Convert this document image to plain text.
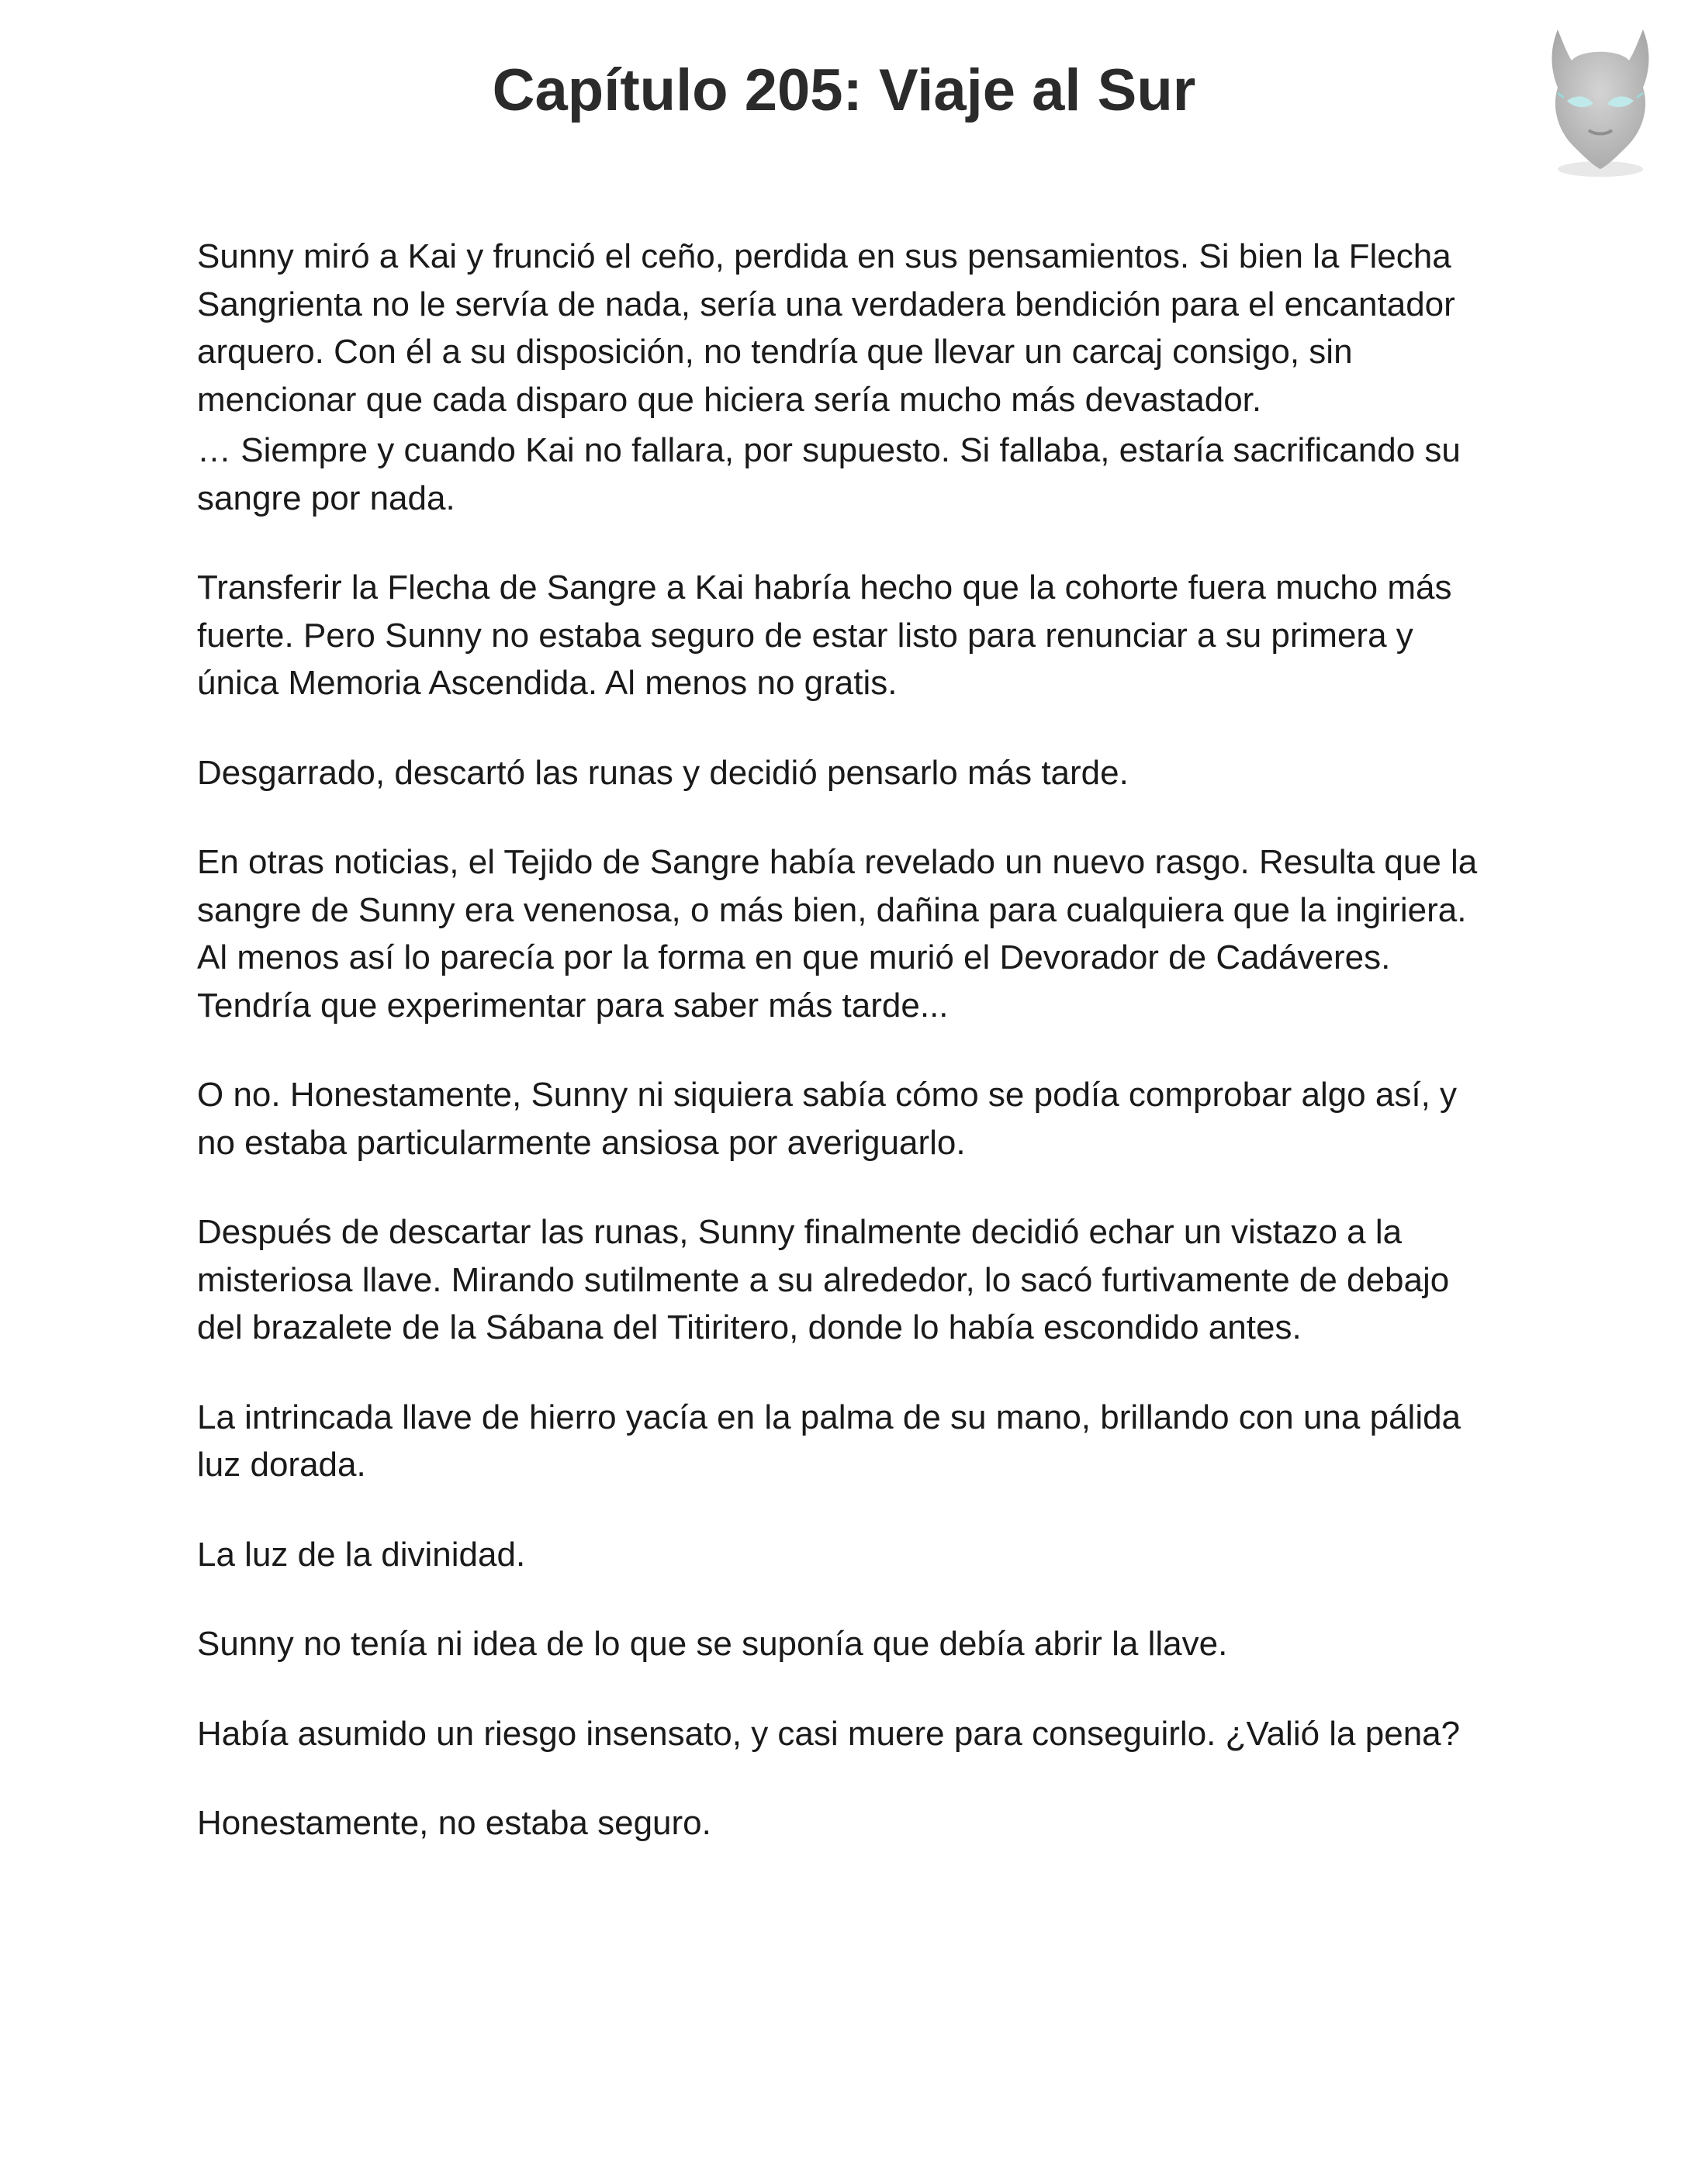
Capítulo 205: Viaje al Sur

Sunny miró a Kai y frunció el ceño, perdida en sus pensamientos. Si bien la Flecha Sangrienta no le servía de nada, sería una verdadera bendición para el encantador arquero. Con él a su disposición, no tendría que llevar un carcaj consigo, sin mencionar que cada disparo que hiciera sería mucho más devastador.

… Siempre y cuando Kai no fallara, por supuesto. Si fallaba, estaría sacrificando su sangre por nada.

Transferir la Flecha de Sangre a Kai habría hecho que la cohorte fuera mucho más fuerte. Pero Sunny no estaba seguro de estar listo para renunciar a su primera y única Memoria Ascendida. Al menos no gratis.

Desgarrado, descartó las runas y decidió pensarlo más tarde.

En otras noticias, el Tejido de Sangre había revelado un nuevo rasgo. Resulta que la sangre de Sunny era venenosa, o más bien, dañina para cualquiera que la ingiriera. Al menos así lo parecía por la forma en que murió el Devorador de Cadáveres. Tendría que experimentar para saber más tarde...

O no. Honestamente, Sunny ni siquiera sabía cómo se podía comprobar algo así, y no estaba particularmente ansiosa por averiguarlo.

Después de descartar las runas, Sunny finalmente decidió echar un vistazo a la misteriosa llave. Mirando sutilmente a su alrededor, lo sacó furtivamente de debajo del brazalete de la Sábana del Titiritero, donde lo había escondido antes.

La intrincada llave de hierro yacía en la palma de su mano, brillando con una pálida luz dorada.

La luz de la divinidad.

Sunny no tenía ni idea de lo que se suponía que debía abrir la llave.

Había asumido un riesgo insensato, y casi muere para conseguirlo. ¿Valió la pena?

Honestamente, no estaba seguro.
